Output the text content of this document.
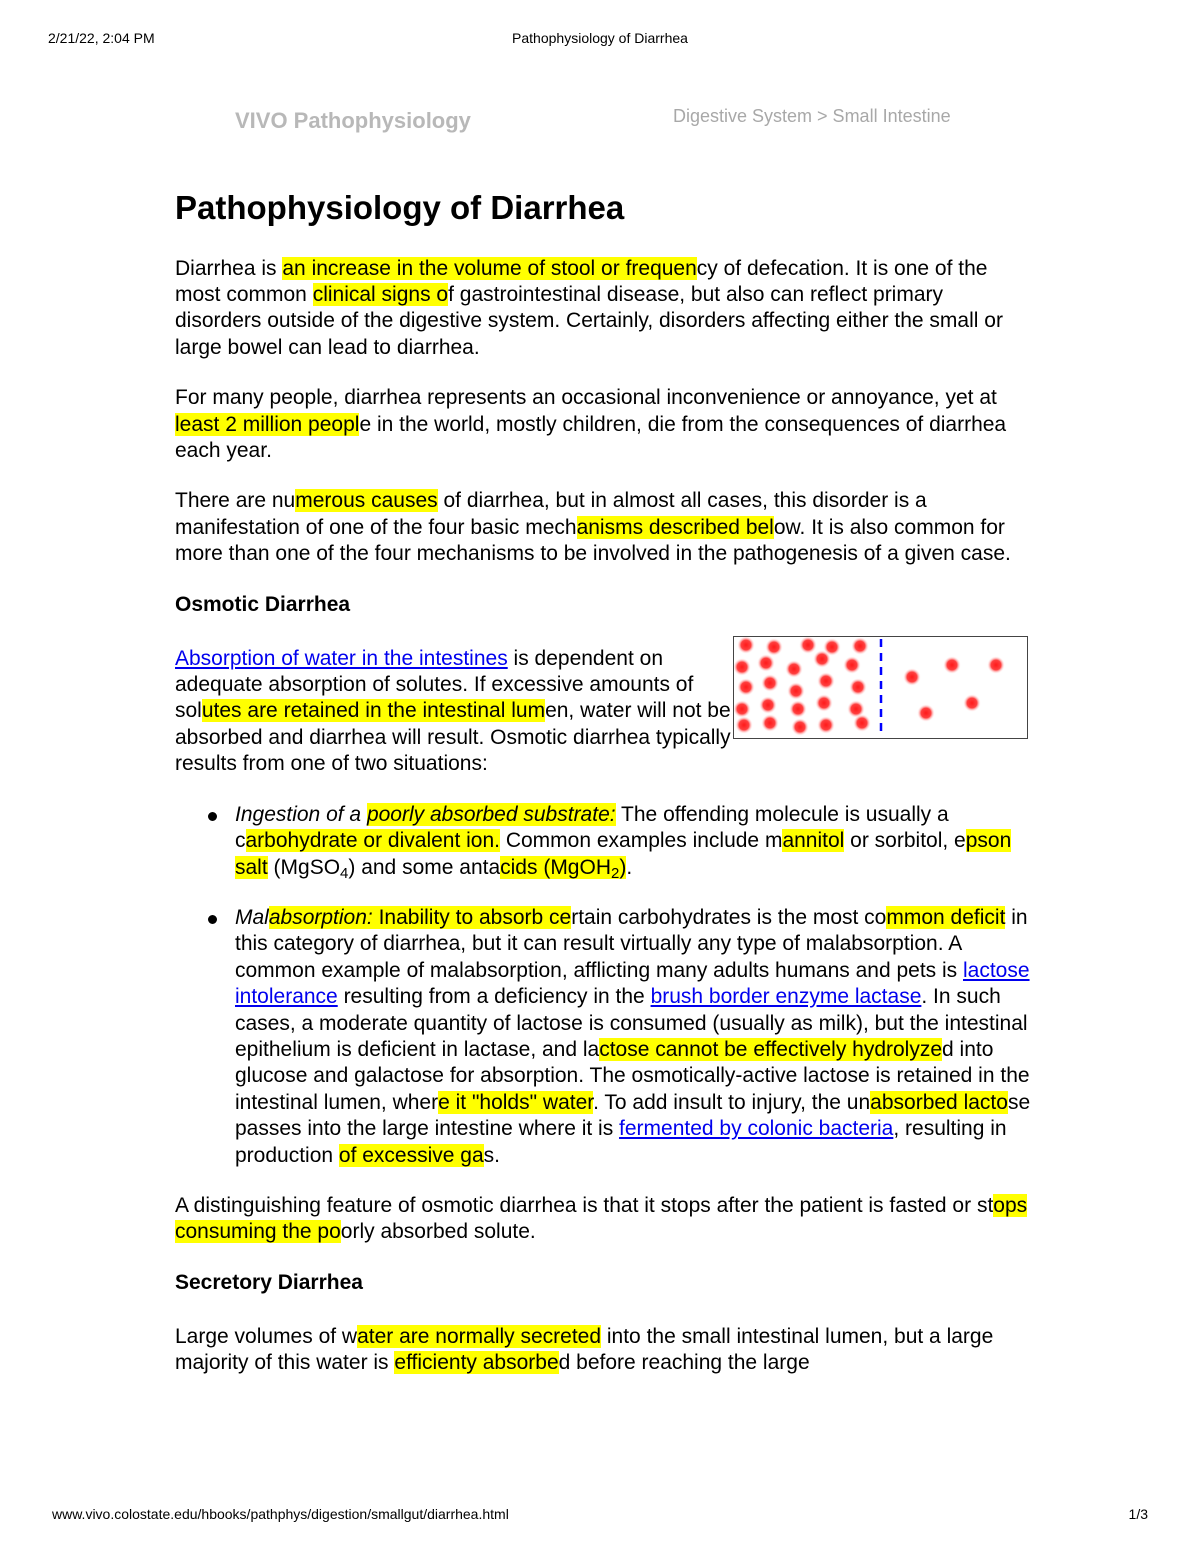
2/21/22, 2:04 PM	Pathophysiology of Diarrhea
VIVO Pathophysiology	Digestive System > Small Intestine
Pathophysiology of Diarrhea

Diarrhea is an increase in the volume of stool or frequency of defecation. It is one of the most common clinical signs of gastrointestinal disease, but also can reflect primary disorders outside of the digestive system. Certainly, disorders affecting either the small or large bowel can lead to diarrhea.

For many people, diarrhea represents an occasional inconvenience or annoyance, yet at least 2 million people in the world, mostly children, die from the consequences of diarrhea each year.

There are numerous causes of diarrhea, but in almost all cases, this disorder is a manifestation of one of the four basic mechanisms described below. It is also common for more than one of the four mechanisms to be involved in the pathogenesis of a given case.

Osmotic Diarrhea

Absorption of water in the intestines is dependent on adequate absorption of solutes. If excessive amounts of solutes are retained in the intestinal lumen, water will not be absorbed and diarrhea will result. Osmotic diarrhea typically results from one of two situations:

Ingestion of a poorly absorbed substrate: The offending molecule is usually a carbohydrate or divalent ion. Common examples include mannitol or sorbitol, epson salt (MgSO$_4$) and some antacids (MgOH$_2$).
Malabsorption: Inability to absorb certain carbohydrates is the most common deficit in this category of diarrhea, but it can result virtually any type of malabsorption. A common example of malabsorption, afflicting many adults humans and pets is lactose intolerance resulting from a deficiency in the brush border enzyme lactase. In such cases, a moderate quantity of lactose is consumed (usually as milk), but the intestinal epithelium is deficient in lactase, and lactose cannot be effectively hydrolyzed into glucose and galactose for absorption. The osmotically-active lactose is retained in the intestinal lumen, where it "holds" water. To add insult to injury, the unabsorbed lactose passes into the large intestine where it is fermented by colonic bacteria, resulting in production of excessive gas.

A distinguishing feature of osmotic diarrhea is that it stops after the patient is fasted or stops consuming the poorly absorbed solute.

Secretory Diarrhea

Large volumes of water are normally secreted into the small intestinal lumen, but a large majority of this water is efficienty absorbed before reaching the large

www.vivo.colostate.edu/hbooks/pathphys/digestion/smallgut/diarrhea.html	1/3
